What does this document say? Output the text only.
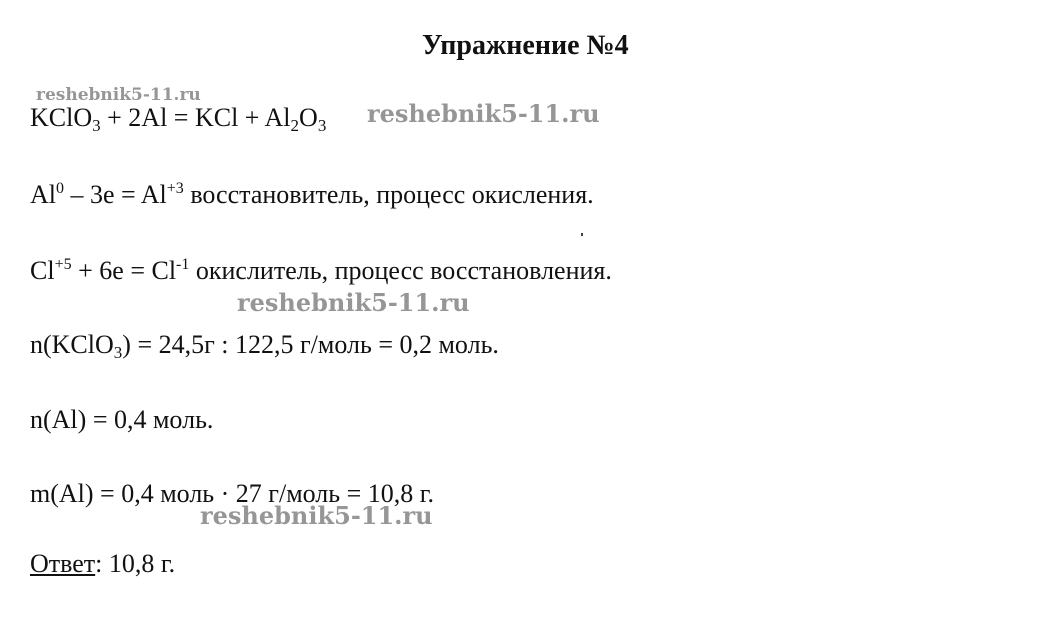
Упражнение №4
reshebnik5-11.ru
KClO$_3$ + 2Al = KCl + $Al_2O_3$ reshebnik5-11.ru
$Al^0 - 3e = Al^{+3}$ восстановитель, процесс окисления.
$Cl^{+5} + 6e = Cl^{-1}$ окислитель, процесс восстановления.
reshebnik5-11.ru
n(KClO$_3$) = 24,5г : 122,5 г/моль = 0,2 моль.
n(Al) = 0,4 моль.
m(Al) = 0,4 моль · 27 г/моль = 10,8 г.
reshebnik5-11.ru
Ответ: 10,8 г.
